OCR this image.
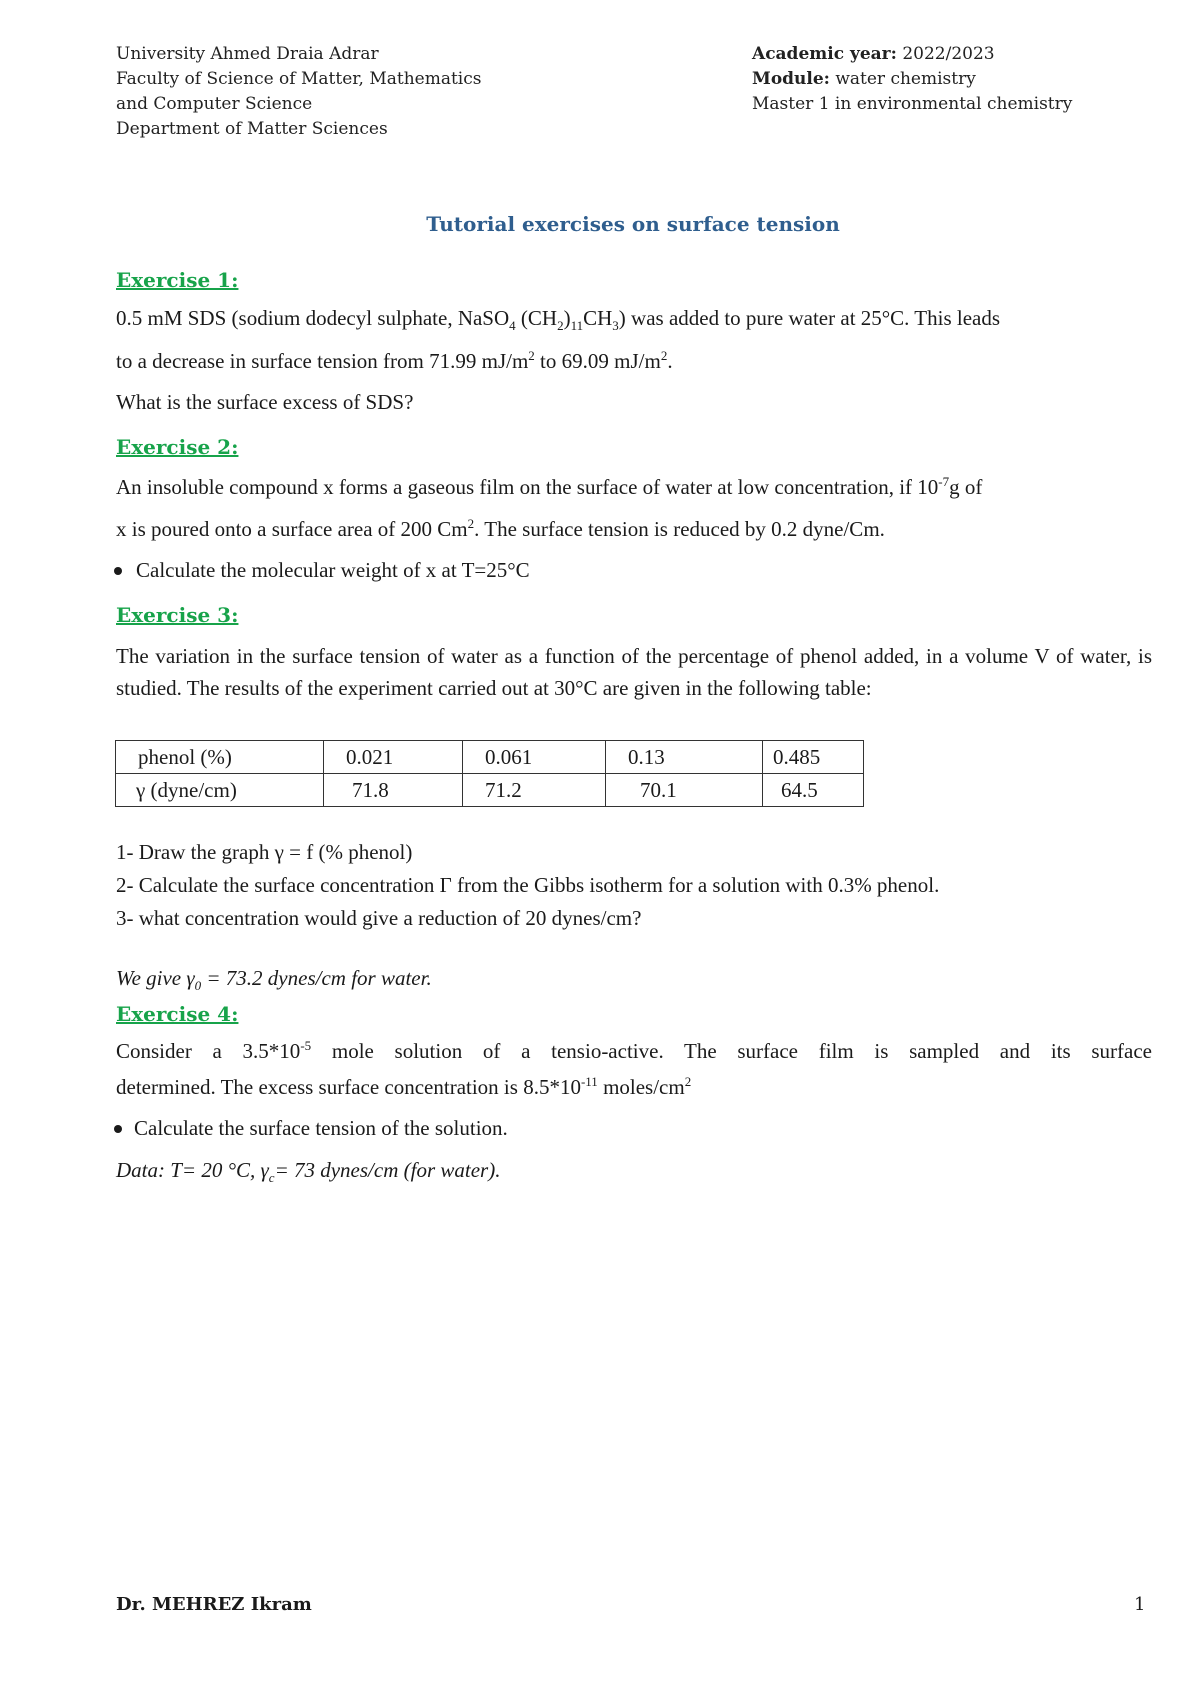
University Ahmed Draia Adrar
Faculty of Science of Matter, Mathematics
and Computer Science
Department of Matter Sciences
Academic year: 2022/2023
Module: water chemistry
Master 1 in environmental chemistry
Tutorial exercises on surface tension
Exercise 1:
0.5 mM SDS (sodium dodecyl sulphate, NaSO$_4$ $(CH_2)_{11}CH_3$) was added to pure water at 25°C. This leads
to a decrease in surface tension from 71.99 $mJ/m^2$ to 69.09 $mJ/m^2$.
What is the surface excess of SDS?
Exercise 2:
An insoluble compound x forms a gaseous film on the surface of water at low concentration, if $10^{-7}g$ of
x is poured onto a surface area of 200 Cm$^2$. The surface tension is reduced by 0.2 dyne/Cm.
Calculate the molecular weight of x at T=25°C
Exercise 3:
The variation in the surface tension of water as a function of the percentage of phenol added, in a volume V of water, is studied. The results of the experiment carried out at 30°C are given in the following table:
phenol (%)	0.021	0.061	0.13	0.485
γ (dyne/cm)	71.8	71.2	70.1	64.5
1- Draw the graph γ = f (% phenol)
2- Calculate the surface concentration Γ from the Gibbs isotherm for a solution with 0.3% phenol.
3- what concentration would give a reduction of 20 dynes/cm?
We give $\gamma_0 = 73.2$ dynes/cm for water.
Exercise 4:
Consider a $3.5*10^{-5}$ mole solution of a tensio-active. The surface film is sampled and its surface
determined. The excess surface concentration is $8.5*10^{-11}$ moles/$cm^2$
Calculate the surface tension of the solution.
Data: T= 20 °C, $\gamma_c= 73$ dynes/cm (for water).
Dr. MEHREZ Ikram	1
